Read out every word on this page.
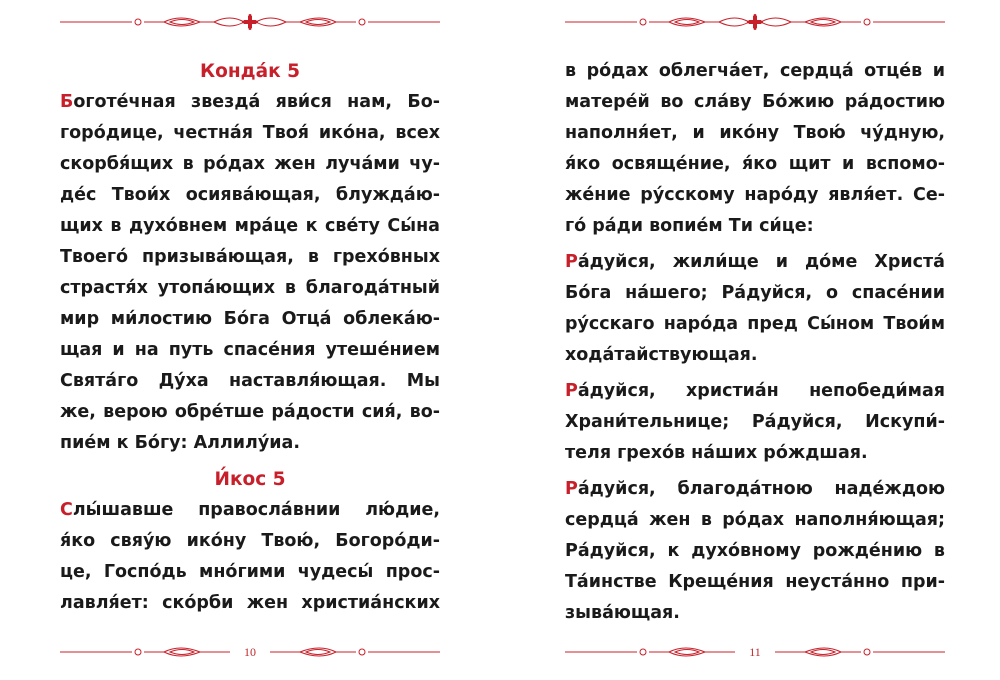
Конда́к 5

Боготе́чная звезда́ яви́ся нам, Бо-
горо́дице, честна́я Твоя́ ико́на, всех
скорбя́щих в ро́дах жен луча́ми чу-
де́с Твои́х осиява́ющая, блужда́ю-
щих в духо́внем мра́це к све́ту Сы́на
Твоего́ призыва́ющая, в грехо́вных
страстя́х утопа́ющих в благода́тный
мир ми́лостию Бо́га Отца́ облека́ю-
щая и на путь спасе́ния утеше́нием
Свята́го Ду́ха наставля́ющая. Мы
же, верою обре́тше ра́дости сия́, во-
пие́м к Бо́гу: Аллилу́иа.

И́кос 5

Слы́шавше правосла́внии лю́дие,
я́ко свяу́ю ико́ну Твою́, Богоро́ди-
це, Госпо́дь мно́гими чудесы́ прос-
лавля́ет: ско́рби жен христиа́нских

10

в ро́дах облегча́ет, сердца́ отце́в и
матере́й во сла́ву Бо́жию ра́достию
наполня́ет, и ико́ну Твою́ чу́дную,
я́ко освяще́ние, я́ко щит и вспомо-
же́ние ру́сскому наро́ду явля́ет. Се-
го́ ра́ди вопие́м Ти си́це:

Ра́дуйся, жили́ще и до́ме Христа́
Бо́га на́шего; Ра́дуйся, о спасе́нии
ру́сскаго наро́да пред Сы́ном Твои́м
хода́тайствующая.

Ра́дуйся, христиа́н непобеди́мая
Храни́тельнице; Ра́дуйся, Искупи́-
теля грехо́в на́ших ро́ждшая.

Ра́дуйся, благода́тною наде́ждою
сердца́ жен в ро́дах наполня́ющая;
Ра́дуйся, к духо́вному рожде́нию в
Та́инстве Креще́ния неуста́нно при-
зыва́ющая.

11
